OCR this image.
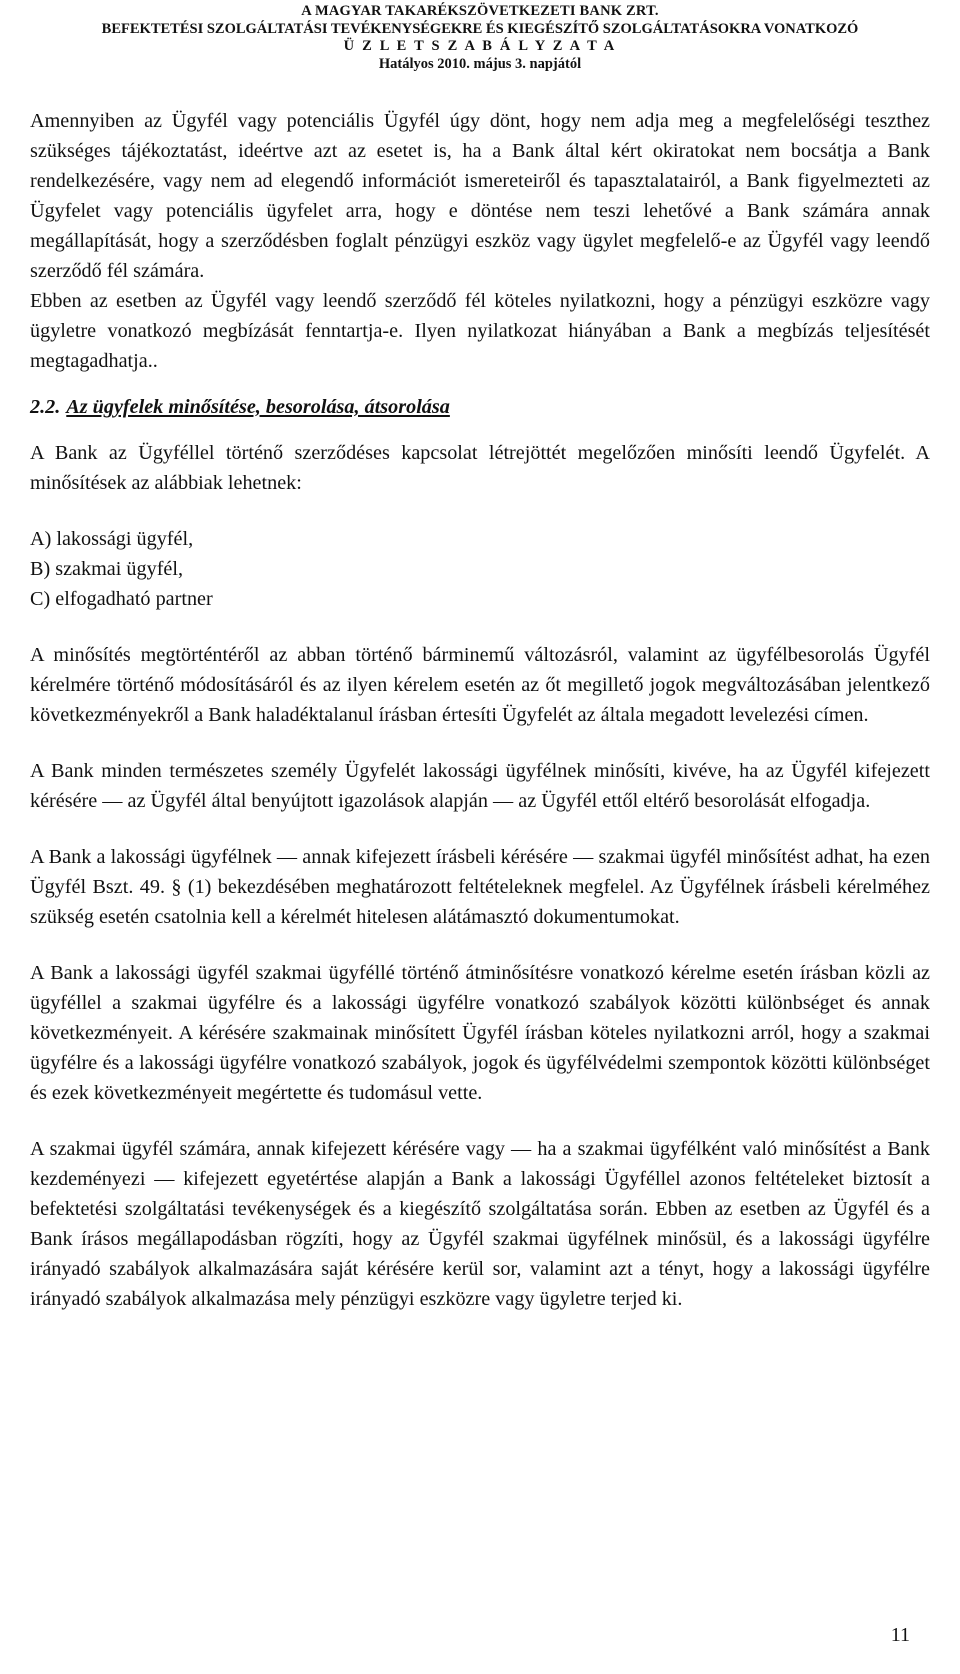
A MAGYAR TAKARÉKSZÖVETKEZETI BANK ZRT.
BEFEKTETÉSI SZOLGÁLTATÁSI TEVÉKENYSÉGEKRE ÉS KIEGÉSZÍTŐ SZOLGÁLTATÁSOKRA VONATKOZÓ
Ü Z L E T S Z A B Á L Y Z A T A
Hatályos 2010. május 3. napjától

Amennyiben az Ügyfél vagy potenciális Ügyfél úgy dönt, hogy nem adja meg a megfelelőségi teszthez szükséges tájékoztatást, ideértve azt az esetet is, ha a Bank által kért okiratokat nem bocsátja a Bank rendelkezésére, vagy nem ad elegendő információt ismereteiről és tapasztalatairól, a Bank figyelmezteti az Ügyfelet vagy potenciális ügyfelet arra, hogy e döntése nem teszi lehetővé a Bank számára annak megállapítását, hogy a szerződésben foglalt pénzügyi eszköz vagy ügylet megfelelő-e az Ügyfél vagy leendő szerződő fél számára.

Ebben az esetben az Ügyfél vagy leendő szerződő fél köteles nyilatkozni, hogy a pénzügyi eszközre vagy ügyletre vonatkozó megbízását fenntartja-e. Ilyen nyilatkozat hiányában a Bank a megbízás teljesítését megtagadhatja..

2.2. Az ügyfelek minősítése, besorolása, átsorolása

A Bank az Ügyféllel történő szerződéses kapcsolat létrejöttét megelőzően minősíti leendő Ügyfelét. A minősítések az alábbiak lehetnek:

A) lakossági ügyfél,

B) szakmai ügyfél,

C) elfogadható partner

A minősítés megtörténtéről az abban történő bárminemű változásról, valamint az ügyfélbesorolás Ügyfél kérelmére történő módosításáról és az ilyen kérelem esetén az őt megillető jogok megváltozásában jelentkező következményekről a Bank haladéktalanul írásban értesíti Ügyfelét az általa megadott levelezési címen.

A Bank minden természetes személy Ügyfelét lakossági ügyfélnek minősíti, kivéve, ha az Ügyfél kifejezett kérésére — az Ügyfél által benyújtott igazolások alapján — az Ügyfél ettől eltérő besorolását elfogadja.

A Bank a lakossági ügyfélnek — annak kifejezett írásbeli kérésére — szakmai ügyfél minősítést adhat, ha ezen Ügyfél Bszt. 49. § (1) bekezdésében meghatározott feltételeknek megfelel. Az Ügyfélnek írásbeli kérelméhez szükség esetén csatolnia kell a kérelmét hitelesen alátámasztó dokumentumokat.

A Bank a lakossági ügyfél szakmai ügyféllé történő átminősítésre vonatkozó kérelme esetén írásban közli az ügyféllel a szakmai ügyfélre és a lakossági ügyfélre vonatkozó szabályok közötti különbséget és annak következményeit. A kérésére szakmainak minősített Ügyfél írásban köteles nyilatkozni arról, hogy a szakmai ügyfélre és a lakossági ügyfélre vonatkozó szabályok, jogok és ügyfélvédelmi szempontok közötti különbséget és ezek következményeit megértette és tudomásul vette.

A szakmai ügyfél számára, annak kifejezett kérésére vagy — ha a szakmai ügyfélként való minősítést a Bank kezdeményezi — kifejezett egyetértése alapján a Bank a lakossági Ügyféllel azonos feltételeket biztosít a befektetési szolgáltatási tevékenységek és a kiegészítő szolgáltatása során. Ebben az esetben az Ügyfél és a Bank írásos megállapodásban rögzíti, hogy az Ügyfél szakmai ügyfélnek minősül, és a lakossági ügyfélre irányadó szabályok alkalmazására saját kérésére kerül sor, valamint azt a tényt, hogy a lakossági ügyfélre irányadó szabályok alkalmazása mely pénzügyi eszközre vagy ügyletre terjed ki.

11
